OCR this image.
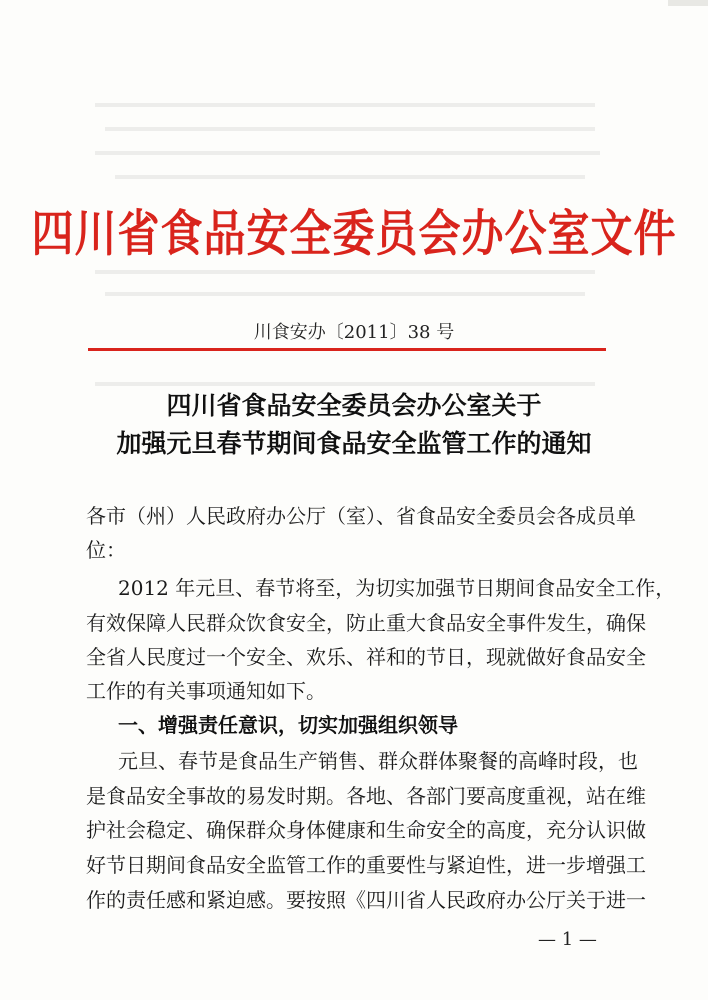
四川省食品安全委员会办公室文件
川食安办〔2011〕38 号
四川省食品安全委员会办公室关于
加强元旦春节期间食品安全监管工作的通知
各市（州）人民政府办公厅（室）、省食品安全委员会各成员单
位：
2012 年元旦、春节将至，为切实加强节日期间食品安全工作，
有效保障人民群众饮食安全，防止重大食品安全事件发生，确保
全省人民度过一个安全、欢乐、祥和的节日，现就做好食品安全
工作的有关事项通知如下。
一、增强责任意识，切实加强组织领导
元旦、春节是食品生产销售、群众群体聚餐的高峰时段，也
是食品安全事故的易发时期。各地、各部门要高度重视，站在维
护社会稳定、确保群众身体健康和生命安全的高度，充分认识做
好节日期间食品安全监管工作的重要性与紧迫性，进一步增强工
作的责任感和紧迫感。要按照《四川省人民政府办公厅关于进一
— 1 —
